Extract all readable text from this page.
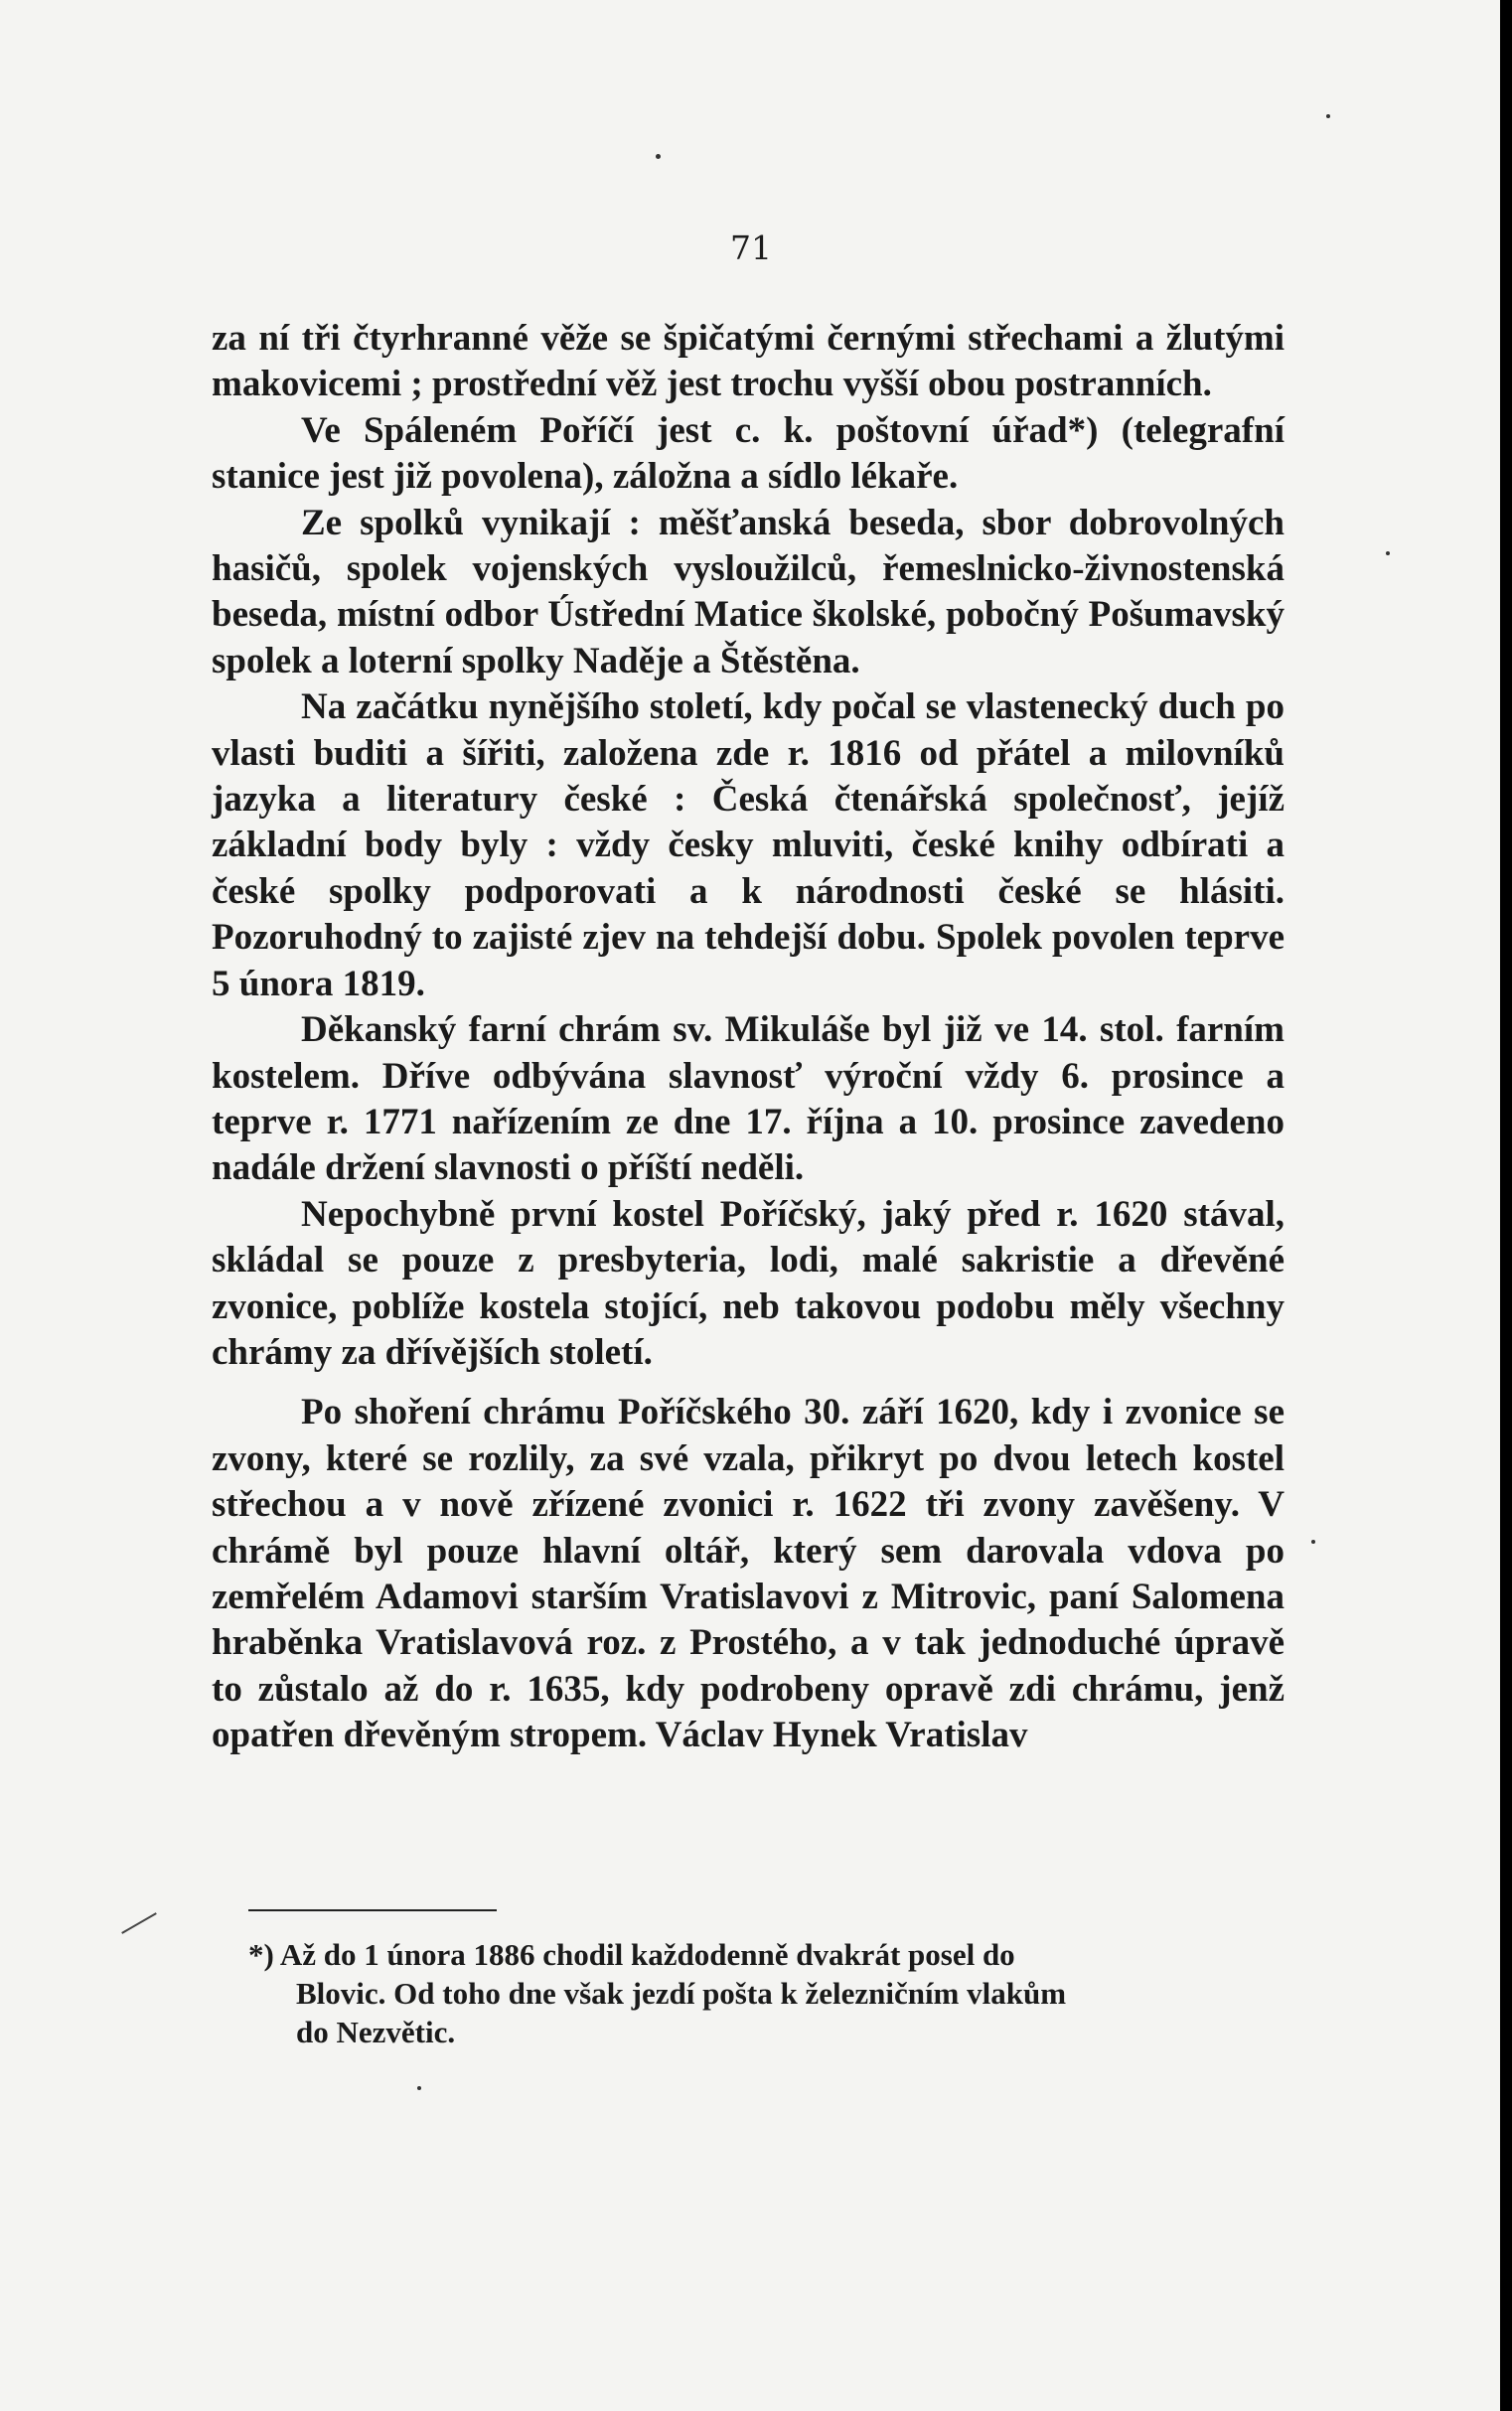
71

za ní tři čtyrhranné věže se špičatými černými střechami a žlutými makovicemi ; prostřední věž jest trochu vyšší obou postranních.

Ve Spáleném Poříčí jest c. k. poštovní úřad*) (telegrafní stanice jest již povolena), záložna a sídlo lékaře.

Ze spolků vynikají : měšťanská beseda, sbor dobrovolných hasičů, spolek vojenských vysloužilců, řemeslnicko-živnostenská beseda, místní odbor Ústřední Matice školské, pobočný Pošumavský spolek a loterní spolky Naděje a Štěstěna.

Na začátku nynějšího století, kdy počal se vlastenecký duch po vlasti buditi a šířiti, založena zde r. 1816 od přátel a milovníků jazyka a literatury české : Česká čtenářská společnosť, jejíž základní body byly : vždy česky mluviti, české knihy odbírati a české spolky podporovati a k národnosti české se hlásiti. Pozoruhodný to zajisté zjev na tehdejší dobu. Spolek povolen teprve 5 února 1819.

Děkanský farní chrám sv. Mikuláše byl již ve 14. stol. farním kostelem. Dříve odbývána slavnosť výroční vždy 6. prosince a teprve r. 1771 nařízením ze dne 17. října a 10. prosince zavedeno nadále držení slavnosti o příští neděli.

Nepochybně první kostel Poříčský, jaký před r. 1620 stával, skládal se pouze z presbyteria, lodi, malé sakristie a dřevěné zvonice, poblíže kostela stojící, neb takovou podobu měly všechny chrámy za dřívějších století.

Po shoření chrámu Poříčského 30. září 1620, kdy i zvonice se zvony, které se rozlily, za své vzala, přikryt po dvou letech kostel střechou a v nově zřízené zvonici r. 1622 tři zvony zavěšeny. V chrámě byl pouze hlavní oltář, který sem darovala vdova po zemřelém Adamovi starším Vratislavovi z Mitrovic, paní Salomena hraběnka Vratislavová roz. z Prostého, a v tak jednoduché úpravě to zůstalo až do r. 1635, kdy podrobeny opravě zdi chrámu, jenž opatřen dřevěným stropem. Václav Hynek Vratislav

*) Až do 1 února 1886 chodil každodenně dvakrát posel do
Blovic. Od toho dne však jezdí pošta k železničním vlakům
do Nezvětic.
